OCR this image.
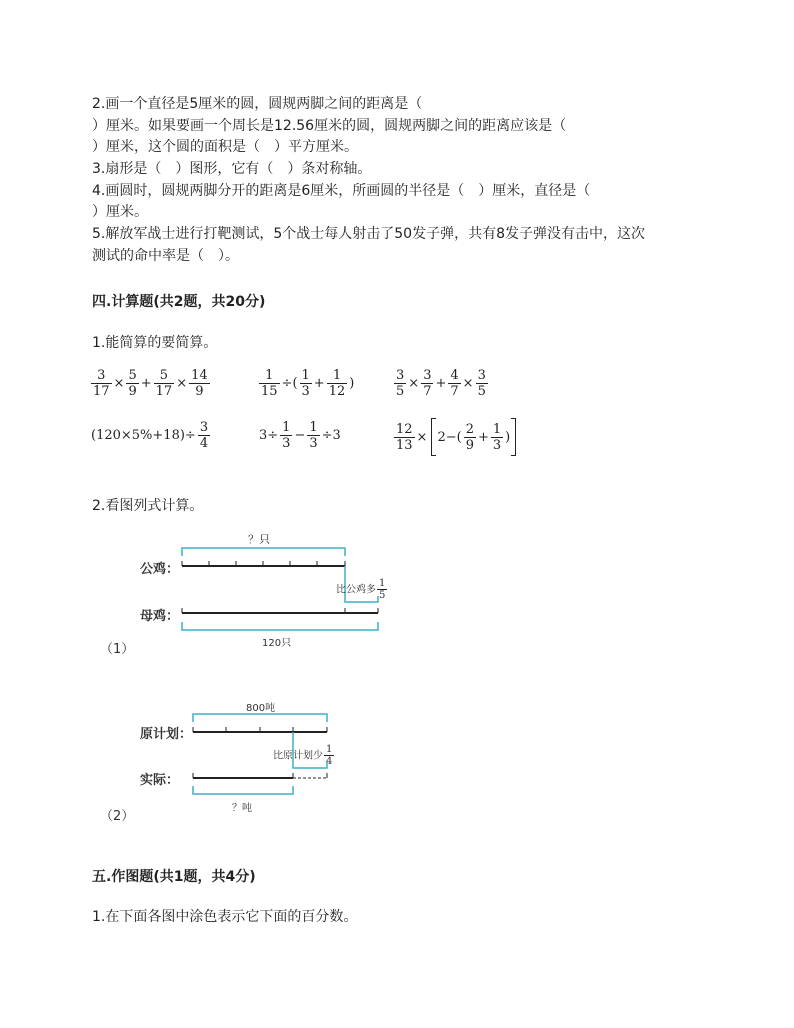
2.画一个直径是5厘米的圆，圆规两脚之间的距离是（
）厘米。如果要画一个周长是12.56厘米的圆，圆规两脚之间的距离应该是（
）厘米，这个圆的面积是（　）平方厘米。
3.扇形是（　）图形，它有（　）条对称轴。
4.画圆时，圆规两脚分开的距离是6厘米，所画圆的半径是（　）厘米，直径是（
）厘米。
5.解放军战士进行打靶测试，5个战士每人射击了50发子弹，共有8发子弹没有击中，这次
测试的命中率是（　）。
四.计算题(共2题，共20分)
1.能简算的要简算。
$\frac{3}{17} \times \frac{5}{9} + \frac{5}{17} \times \frac{14}{9}$	$\frac{1}{15}$ ÷( $\frac{1}{3} + \frac{1}{12}$ )	$\frac{3}{5} \times \frac{3}{7} + \frac{4}{7} \times \frac{3}{5}$
$(120\times 5\%+18)\div \frac{3}{4}$	$3\div \frac{1}{3} - \frac{1}{3} \div 3$	$\frac{12}{13} \times 2-( \frac{2}{9} + \frac{1}{3}$ )
2.看图列式计算。
？只
公鸡：
母鸡：
比公鸡多 $\frac{1}{5}$
120只
（1）
800吨
原计划：
实际：
比原计划少 $\frac{1}{4}$
？吨
（2）
五.作图题(共1题，共4分)
1.在下面各图中涂色表示它下面的百分数。
